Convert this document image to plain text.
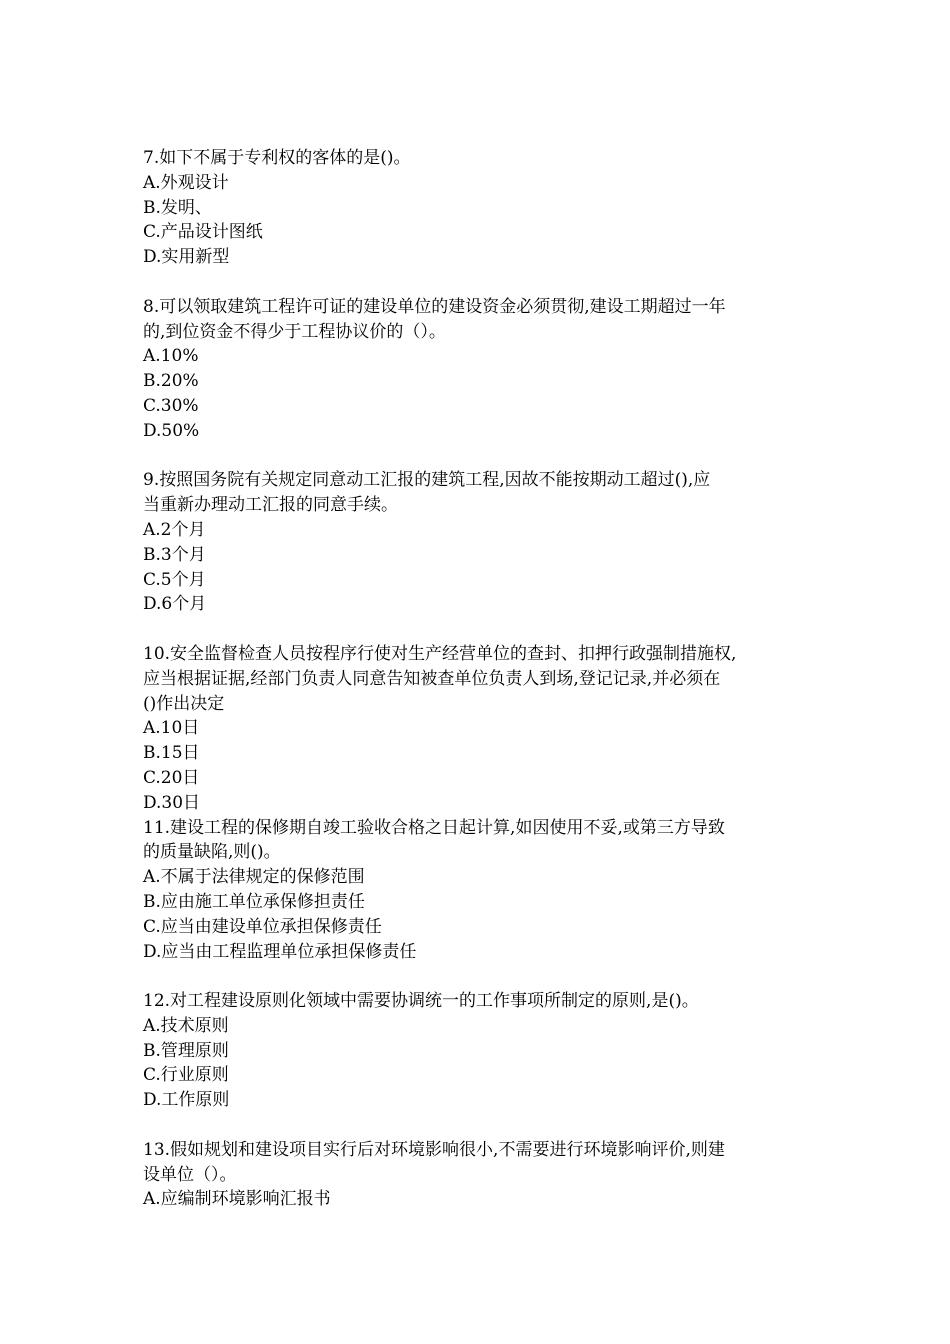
7.如下不属于专利权的客体的是()。
A.外观设计
B.发明、
C.产品设计图纸
D.实用新型
8.可以领取建筑工程许可证的建设单位的建设资金必须贯彻,建设工期超过一年
的,到位资金不得少于工程协议价的（）。
A.10%
B.20%
C.30%
D.50%
9.按照国务院有关规定同意动工汇报的建筑工程,因故不能按期动工超过(),应
当重新办理动工汇报的同意手续。
A.2个月
B.3个月
C.5个月
D.6个月
10.安全监督检查人员按程序行使对生产经营单位的查封、扣押行政强制措施权,
应当根据证据,经部门负责人同意告知被查单位负责人到场,登记记录,并必须在
()作出决定
A.10日
B.15日
C.20日
D.30日
11.建设工程的保修期自竣工验收合格之日起计算,如因使用不妥,或第三方导致
的质量缺陷,则()。
A.不属于法律规定的保修范围
B.应由施工单位承保修担责任
C.应当由建设单位承担保修责任
D.应当由工程监理单位承担保修责任
12.对工程建设原则化领域中需要协调统一的工作事项所制定的原则,是()。
A.技术原则
B.管理原则
C.行业原则
D.工作原则
13.假如规划和建设项目实行后对环境影响很小,不需要进行环境影响评价,则建
设单位（）。
A.应编制环境影响汇报书
